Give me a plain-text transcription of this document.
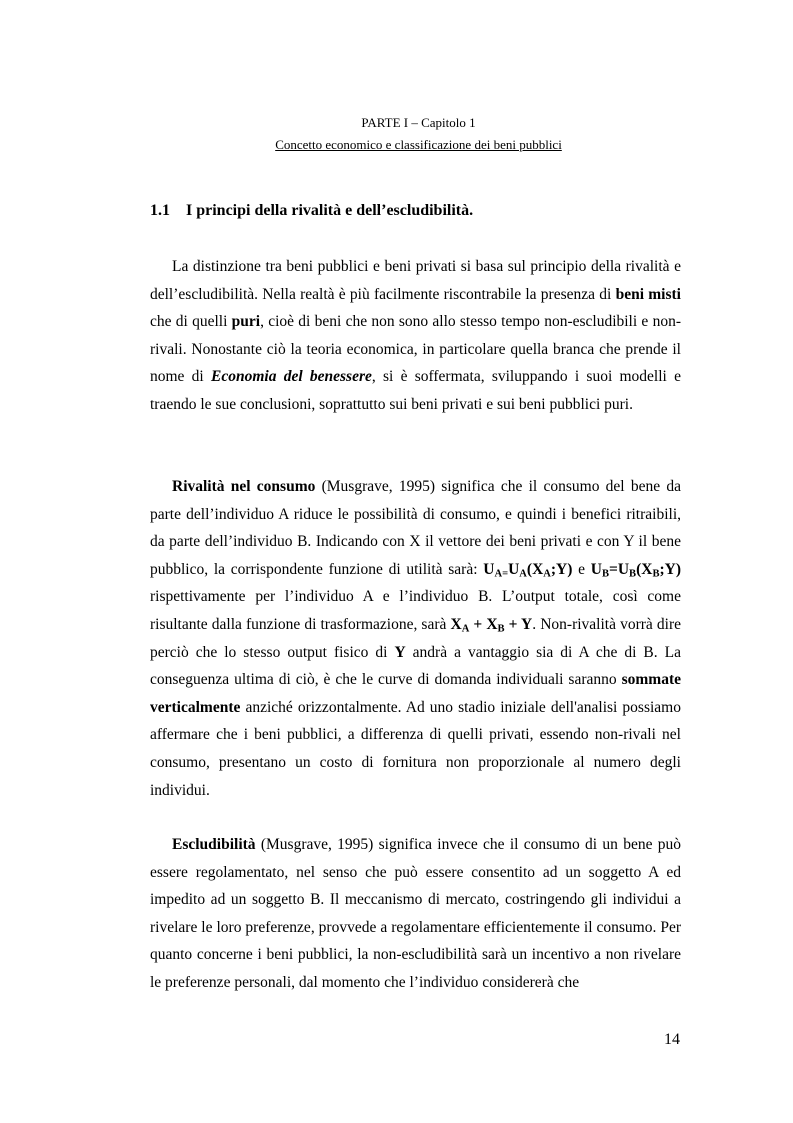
PARTE I – Capitolo 1
Concetto economico e classificazione dei beni pubblici
1.1 I principi della rivalità e dell’escludibilità.

La distinzione tra beni pubblici e beni privati si basa sul principio della rivalità e dell’escludibilità. Nella realtà è più facilmente riscontrabile la presenza di beni misti che di quelli puri, cioè di beni che non sono allo stesso tempo non-escludibili e non-rivali. Nonostante ciò la teoria economica, in particolare quella branca che prende il nome di Economia del benessere, si è soffermata, sviluppando i suoi modelli e traendo le sue conclusioni, soprattutto sui beni privati e sui beni pubblici puri.

Rivalità nel consumo (Musgrave, 1995) significa che il consumo del bene da parte dell’individuo A riduce le possibilità di consumo, e quindi i benefici ritraibili, da parte dell’individuo B. Indicando con X il vettore dei beni privati e con Y il bene pubblico, la corrispondente funzione di utilità sarà: $U_{A=}U_A(X_A;Y)$ e $U_B=U_B(X_B;Y)$ rispettivamente per l’individuo A e l’individuo B. L’output totale, così come risultante dalla funzione di trasformazione, sarà $X_A + X_B + Y$. Non-rivalità vorrà dire perciò che lo stesso output fisico di Y andrà a vantaggio sia di A che di B. La conseguenza ultima di ciò, è che le curve di domanda individuali saranno sommate verticalmente anziché orizzontalmente. Ad uno stadio iniziale dell'analisi possiamo affermare che i beni pubblici, a differenza di quelli privati, essendo non-rivali nel consumo, presentano un costo di fornitura non proporzionale al numero degli individui.

Escludibilità (Musgrave, 1995) significa invece che il consumo di un bene può essere regolamentato, nel senso che può essere consentito ad un soggetto A ed impedito ad un soggetto B. Il meccanismo di mercato, costringendo gli individui a rivelare le loro preferenze, provvede a regolamentare efficientemente il consumo. Per quanto concerne i beni pubblici, la non-escludibilità sarà un incentivo a non rivelare le preferenze personali, dal momento che l’individuo considererà che

14
